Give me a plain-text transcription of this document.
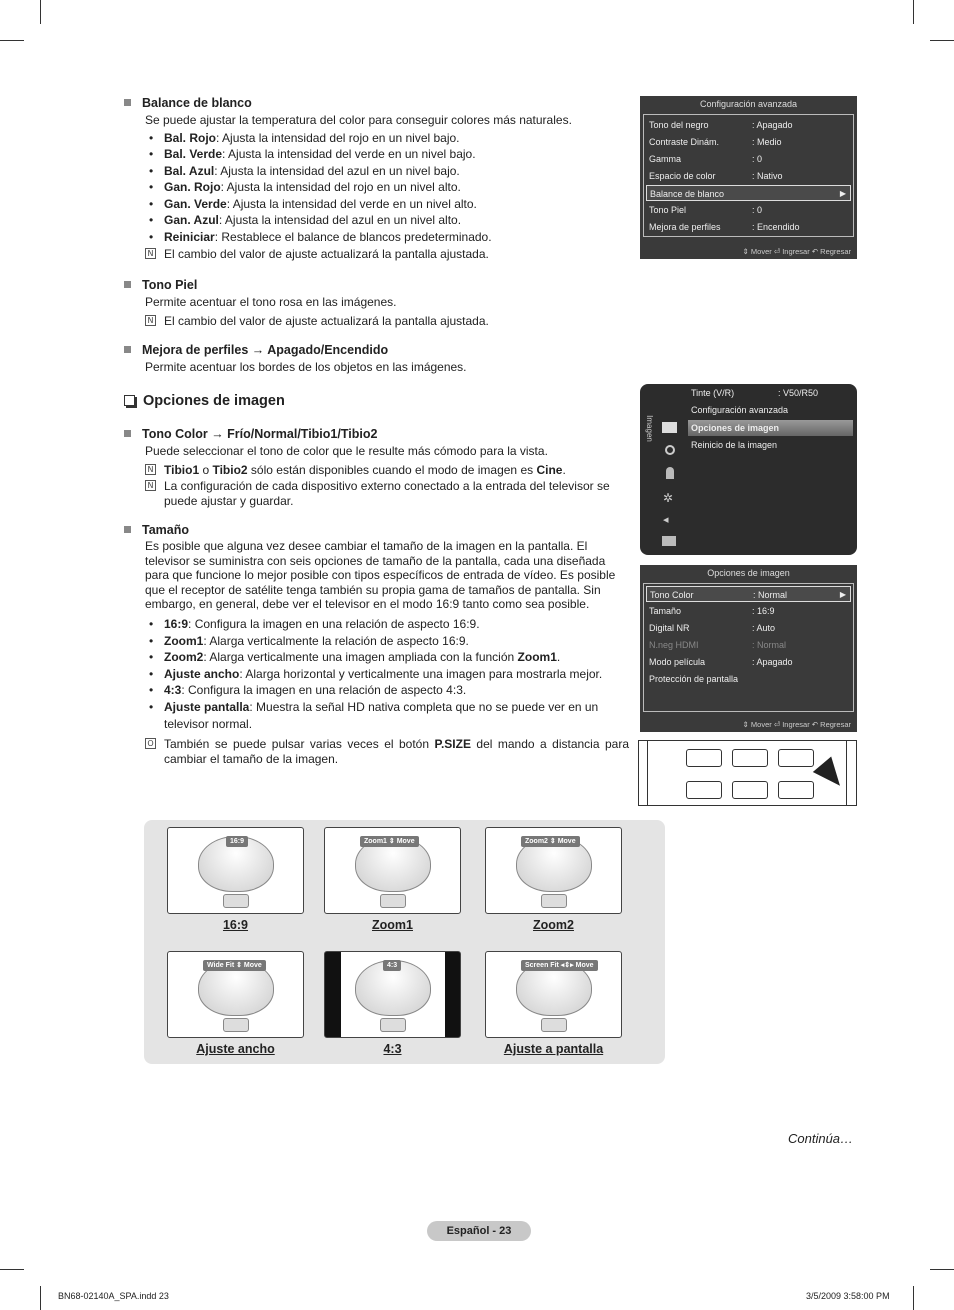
Balance de blanco
Se puede ajustar la temperatura del color para conseguir colores más naturales.
• Bal. Rojo: Ajusta la intensidad del rojo en un nivel bajo.
• Bal. Verde: Ajusta la intensidad del verde en un nivel bajo.
• Bal. Azul: Ajusta la intensidad del azul en un nivel bajo.
• Gan. Rojo: Ajusta la intensidad del rojo en un nivel alto.
• Gan. Verde: Ajusta la intensidad del verde en un nivel alto.
• Gan. Azul: Ajusta la intensidad del azul en un nivel alto.
• Reiniciar: Restablece el balance de blancos predeterminado.
N El cambio del valor de ajuste actualizará la pantalla ajustada.
Tono Piel
Permite acentuar el tono rosa en las imágenes.
N El cambio del valor de ajuste actualizará la pantalla ajustada.
Mejora de perfiles → Apagado/Encendido
Permite acentuar los bordes de los objetos en las imágenes.
Opciones de imagen
Tono Color → Frío/Normal/Tibio1/Tibio2
Puede seleccionar el tono de color que le resulte más cómodo para la vista.
N Tibio1 o Tibio2 sólo están disponibles cuando el modo de imagen es Cine.
N La configuración de cada dispositivo externo conectado a la entrada del televisor se puede ajustar y guardar.
Tamaño
Es posible que alguna vez desee cambiar el tamaño de la imagen en la pantalla. El televisor se suministra con seis opciones de tamaño de la pantalla, cada una diseñada para que funcione lo mejor posible con tipos específicos de entrada de vídeo. Es posible que el receptor de satélite tenga también su propia gama de tamaños de pantalla. Sin embargo, en general, debe ver el televisor en el modo 16:9 tanto como sea posible.
• 16:9: Configura la imagen en una relación de aspecto 16:9.
• Zoom1: Alarga verticalmente la relación de aspecto 16:9.
• Zoom2: Alarga verticalmente una imagen ampliada con la función Zoom1.
• Ajuste ancho: Alarga horizontal y verticalmente una imagen para mostrarla mejor.
• 4:3: Configura la imagen en una relación de aspecto 4:3.
• Ajuste pantalla: Muestra la señal HD nativa completa que no se puede ver en un televisor normal.
O También se puede pulsar varias veces el botón P.SIZE del mando a distancia para cambiar el tamaño de la imagen.
Configuración avanzada
Tono del negro	: Apagado
Contraste Dinám.	: Medio
Gamma	: 0
Espacio de color	: Nativo
Balance de blanco	▶
Tono Piel	: 0
Mejora de perfiles	: Encendido
⇕ Mover ⏎ Ingresar ↶ Regresar
Imagen
✲
◂
Tinte (V/R)	: V50/R50
Configuración avanzada
Opciones de imagen
Reinicio de la imagen
Opciones de imagen
Tono Color	: Normal	▶
Tamaño	: 16:9
Digital NR	: Auto
N.neg HDMI	: Normal
Modo película	: Apagado
Protección de pantalla
⇕ Mover ⏎ Ingresar ↶ Regresar
16:9
16:9
Zoom1 ⇕ Move
Zoom1
Zoom2 ⇕ Move
Zoom2
Wide Fit ⇕ Move
Ajuste ancho
4:3
4:3
Screen Fit ◂⇕▸ Move
Ajuste a pantalla
Continúa…
Español - 23
BN68-02140A_SPA.indd 23	3/5/2009 3:58:00 PM
